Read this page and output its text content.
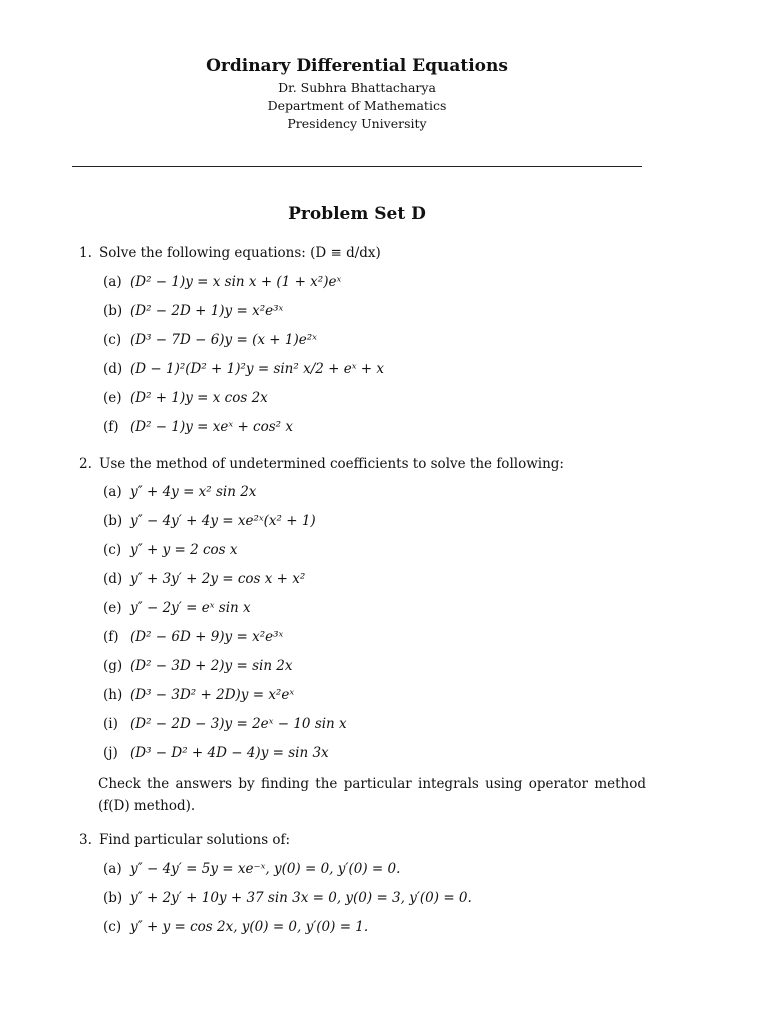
Ordinary Differential Equations
Dr. Subhra Bhattacharya
Department of Mathematics
Presidency University
Problem Set D
1. Solve the following equations: (D ≡ d/dx)
(a) (D² − 1)y = x sin x + (1 + x²)eˣ
(b) (D² − 2D + 1)y = x²e³ˣ
(c) (D³ − 7D − 6)y = (x + 1)e²ˣ
(d) (D − 1)²(D² + 1)²y = sin² x/2 + eˣ + x
(e) (D² + 1)y = x cos 2x
(f) (D² − 1)y = xeˣ + cos² x
2. Use the method of undetermined coefficients to solve the following:
(a) y″ + 4y = x² sin 2x
(b) y″ − 4y′ + 4y = xe²ˣ(x² + 1)
(c) y″ + y = 2 cos x
(d) y″ + 3y′ + 2y = cos x + x²
(e) y″ − 2y′ = eˣ sin x
(f) (D² − 6D + 9)y = x²e³ˣ
(g) (D² − 3D + 2)y = sin 2x
(h) (D³ − 3D² + 2D)y = x²eˣ
(i) (D² − 2D − 3)y = 2eˣ − 10 sin x
(j) (D³ − D² + 4D − 4)y = sin 3x
Check the answers by finding the particular integrals using operator method (f(D) method).
3. Find particular solutions of:
(a) y″ − 4y′ = 5y = xe⁻ˣ, y(0) = 0, y′(0) = 0.
(b) y″ + 2y′ + 10y + 37 sin 3x = 0, y(0) = 3, y′(0) = 0.
(c) y″ + y = cos 2x, y(0) = 0, y′(0) = 1.
